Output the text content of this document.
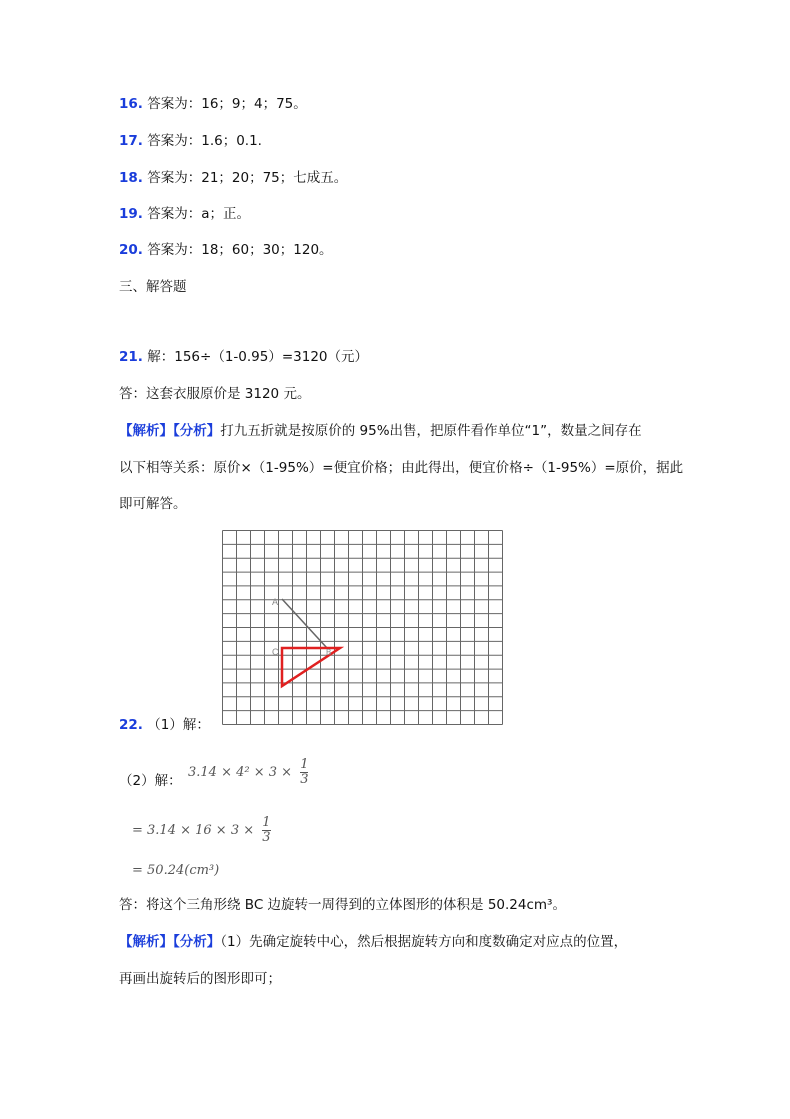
16. 答案为：16；9；4；75。
17. 答案为：1.6；0.1.
18. 答案为：21；20；75；七成五。
19. 答案为：a；正。
20. 答案为：18；60；30；120。
三、解答题
21. 解：156÷（1-0.95）=3120（元）
答：这套衣服原价是 3120 元。
【解析】【分析】打九五折就是按原价的 95%出售，把原件看作单位“1”，数量之间存在
以下相等关系：原价×（1-95%）=便宜价格；由此得出，便宜价格÷（1-95%）=原价，据此
即可解答。
A
C	B
22. （1）解：
（2）解：
$3.14 \times 4^2 \times 3 \times \frac{1}{3}$
= $3.14 \times 16 \times 3 \times \frac{1}{3}$
= 50.24(cm³)
答：将这个三角形绕 BC 边旋转一周得到的立体图形的体积是 50.24cm³。
【解析】【分析】（1）先确定旋转中心，然后根据旋转方向和度数确定对应点的位置，
再画出旋转后的图形即可；
